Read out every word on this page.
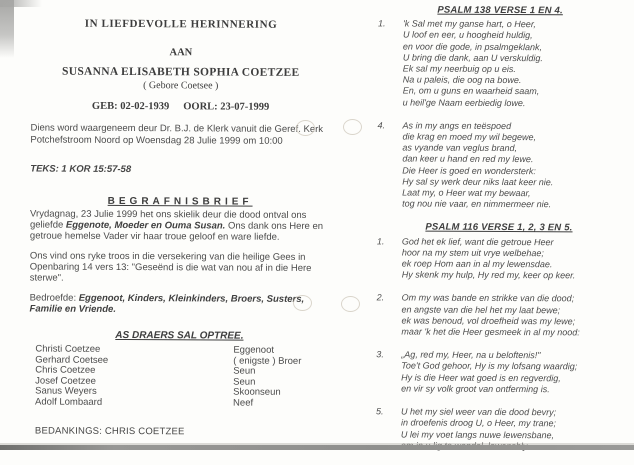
IN LIEFDEVOLLE HERINNERING
AAN
SUSANNA ELISABETH SOPHIA COETZEE
( Gebore Coetsee )
GEB: 02-02-1939 OORL: 23-07-1999
Diens word waargeneem deur Dr. B.J. de Klerk vanuit die Geref. Kerk Potchefstroom Noord op Woensdag 28 Julie 1999 om 10:00
TEKS: 1 KOR 15:57-58
BEGRAFNISBRIEF
Vrydagnag, 23 Julie 1999 het ons skielik deur die dood ontval ons geliefde Eggenote, Moeder en Ouma Susan. Ons dank ons Here en getroue hemelse Vader vir haar troue geloof en ware liefde.
Ons vind ons ryke troos in die versekering van die heilige Gees in Openbaring 14 vers 13: "Geseënd is die wat van nou af in die Here sterwe".
Bedroefde: Eggenoot, Kinders, Kleinkinders, Broers, Susters, Familie en Vriende.
AS DRAERS SAL OPTREE.
Christi Coetzee	Eggenoot
Gerhard Coetsee	( enigste ) Broer
Chris Coetzee	Seun
Josef Coetzee	Seun
Sanus Weyers	Skoonseun
Adolf Lombaard	Neef
BEDANKINGS: CHRIS COETZEE
PSALM 138 VERSE 1 EN 4.
1.	'k Sal met my ganse hart, o Heer,
U loof en eer, u hoogheid huldig,
en voor die gode, in psalmgeklank,
U bring die dank, aan U verskuldig.
Ek sal my neerbuig op u eis.
Na u paleis, die oog na bowe.
En, om u guns en waarheid saam,
u heil'ge Naam eerbiedig lowe.
4.	As in my angs en teëspoed
die krag en moed my wil begewe,
as vyande van veglus brand,
dan keer u hand en red my lewe.
Die Heer is goed en wondersterk:
Hy sal sy werk deur niks laat keer nie.
Laat my, o Heer wat my bewaar,
tog nou nie vaar, en nimmermeer nie.
PSALM 116 VERSE 1, 2, 3 EN 5.
1.	God het ek lief, want die getroue Heer
hoor na my stem uit vrye welbehae;
ek roep Hom aan in al my lewensdae.
Hy skenk my hulp, Hy red my, keer op keer.
2.	Om my was bande en strikke van die dood;
en angste van die hel het my laat bewe;
ek was benoud, vol droefheid was my lewe;
maar 'k het die Heer gesmeek in al my nood:
3.	„Ag, red my, Heer, na u beloftenis!"
Toe't God gehoor, Hy is my lofsang waardig;
Hy is die Heer wat goed is en regverdig,
en vir sy volk groot van ontferming is.
5.	U het my siel weer van die dood bevry;
in droefenis droog U, o Heer, my trane;
U lei my voet langs nuwe lewensbane,
